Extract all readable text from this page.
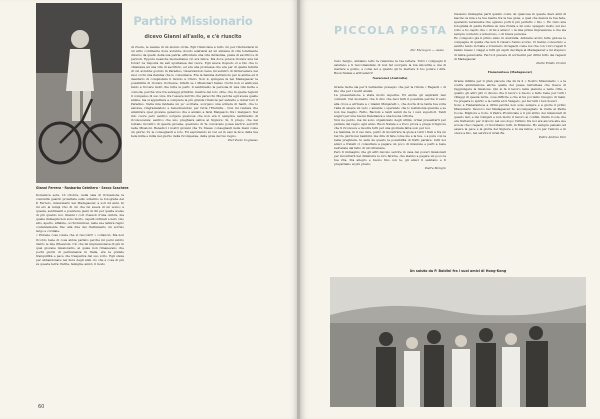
Gianni Ferrero - Rosbarbo Catellero - Secco Scachera
Partirò Missionario
dicevo Gianni all'asilo, e c'è riuscito
Domenica sera, 10 ottobre, nella sala di ricreazione la comunità guardò proiettate sullo schermo le fotografie del P. Ferrero, missionario nel Madagascar, a soli 24 anni. In mi ero ai tempi vivo di ciò che lui aveva di un uomo; a questa, sentimenti e posizione pieni di chi per quella scelse di più quanto noi. Gianni i cori d'assoli d'una ombra, ma quelle immagini non sono molto, capelli ordinati e neri, viso alto, aperto, affabile, occhi luminosi, nelle sue labbra regnò costantemente fino alla fine del trattamento un sorriso largo e cordiale.
« Ebbene cosa volete che vi racconti? » cominciò. Ma non ricordo bene di cosa abbia parlato perché mi persi subito dietro le mie riflessioni. Ciò che mi impressionava di più in quel giovane missionario, al quale non rimanevano che pochi giorni di permanenza in Italia, era la grande tranquillità e pace che traspariva dal suo volto. Egli stava per abbandonare nei fiore degli anni ciò che è cosa di più su questa terra: Patria, famiglia, amici, il modo
di vivere, le usanze di un mondo civile. Egli rinunciava a tutto ciò per rinchiudersi in un altro continente dove avrebbe dovuto adattarsi ad un sistema di vita totalmente diverso da quello della sua patria, affrontare una vita durissima, piena di sacrifici e di pericoli. Eppure neanche momentanei ciò era felice. Ma dove poteva trovare una tal forza? La risposta mi salì spontanea dal cuore. Egli aveva risposto sì a Dio che lo chiamava ad una vita di sacrificio, ed era una promessa che era per di quella felicità di cui avrebbe goduto in Paradiso. Osservandolo bene mi sembrò di intravvedere nei suoi occhi una fiamma che lo consumava. Era la fiamma dell'amore per le anime ed il desiderio di conquistare il mondo a Cristo. Non lo spingeva là nel Madagascar la possibilità di trovare ricchezze. Infatti se i Missionari hanno ricchi non si addiceva tanto a trovare molti che tutte le parti. Il sentimento la persona di una vita facile e comoda, perché vive tra selvaggi primitivi, mentre del loro oltre, che in quelle regioni il compenso di suo vive, fra l'essere nutrito che parecchi. Ma perché egli aveva quelle anime, ma si appiattava a compiere la più grande rinuncia per salvarle e donar loro il Paradiso. Nella mia fantasia un po' eccitata, scorgevo una schiera di Santi, che lo salvava, ringraziandolo e benedicendolo per tutta l'Eternità... Non mi restava che ammirare quel giovane generoso che è andato a farsi Malgascio tra i malgasci. Nel mio cuore però sentivo sorgere qualcosa che non era il semplice sentimento di riconoscenza: sentivo che uno preghiera saliva al Signore: Sì, ti prego, che nel lontano incontro di questa giovane, qualcuno di Te conoscano possa anch'io servirTi nelle Missioni. Benedici i nostri giovani che Tu Stesso consegnasti nelle mani come un giorno Tu le consegnasti a loro. Ed esplodendo su Lui ed in essi la luce della tua fede mille e mille nel giorno della ricompensa, della gioia del tuo regno.
Pier Paolo Cognasso
60
PICCOLA POSTA
Per Meregen — Assia

Caro Sergio, abbiamo letto la relazione la tua lettera. Tutti i compagni ti salutano e ti raccomandano di non far scorgere la tua sincerità e, ma di mettere a gobbo, e come noi e quanto gli tu mettere il tuo potere i dirà. Buon Natale e arrivederci!

Nazarenel (Australia)

Grazie molte sia per il bellissimo presepio che per la rivista « Ragazzi » di Dio che per i nostri alunni.
La presentazione è stata molto superba. Ed anche gli aspiranti ben contenti. Nel momento che ti dico che devi farti il possibile perché ti vedo alla croce e arrivare a « Gianni Mulgarelli », che dovrà di te tanta tua volta l'alta di essere un vero « amante » sperando che lo testimonia qualche e se non me meglio. Fatto, Bacioni e tanti saluti da te i suoi superiori. Tanti auguri per una buona fratellanza e una buona vittoria.
Non ne perdo, ma mi sono organizzato degli ultimi, ormai presentarti per parlare del regno ogni anno. Buon Natale e e Poco prova e prega il Signore che ti riconosce e mostra tutti per una giornata fatta solo per noi.
La mamma, in il suo fare, parrò di incontrare la gioia a tutti i frati a tra un bel tre giorni nei bambini, ma dire di fare come me e la tua, o a pure con la bella preghiera, tu sarà da questo la possibilità di tratti parlare: tutti noi amici e fratelli ci consultare a pagare un poco di missione e parti a bene nell'ansia dal fatto di un'oltremare.
Però ti immagino che gli altri devono servire in casa dei poveri missionari per incontrarli nel diminuire le loro fatiche, che stanno a pagare un poco la tua vita. Sta allegro e buono fino con te, gli amici ti salutano e ti prepariamo al più presto.

Padre Mongra

Nessuno immagina parti quanto coste un qualcosa in queste dieci anni di fascino la mia e la tua mente tra la tua gioia, e quel che manca la tua fede, sperando veramente che ognuno porti il più perfetto « Dio ». Ho visto una fotografia di padre Pertina su una rivista e mi sono spiegato molto sul suo volto e ho capito che « di lui è amico! » la mia prima impressione è che sia sempre contento e scherzoso, o di brava persona.
Ho composto già il primo anno in Australia. Abbiamo avuto tutte gioiose le compagne di quella che non ti vissero l'anno scorso. Ci hanno conosciuto e sentito tanto in Italia e il numero di ragazzi come noi che con i loro regali ti hanno messo i viaggi a tutti gli ospiti del Papà al Madagascar e mi stupisco di tanta generosità. Fai tu il piacere di scrivermi per dirmi tutto dei ragazzi di Madagascar.

Padre Emilio Cronin

Fianarantsoa (Madagascar)

Grazie infinite per il gran piacere che mi fa il « Nostro Missionario » e la vostra ammirazione anche quelle del paese nell'attesa che riesca di raggiungere la missione. Qui si fa il lavoro nelle pianure e nelle città, e quanto gli altri giri ci dicono che il lavoro è buono e fatto bene per tutti i villaggi di questa terra, cosa difficile e che si ha poi tanto bisogno di mani. Tu prepara lo spirito e la carità ed il Vangelo, poi fai tutti i tuoi doveri.
Sono a Fianarantsoa a dirmi perché non sono sempre e a gioire il primo Missionario Vescovo nel Madagascar ho accompagnato la visita al Padre Coote, Migliore e Cote, li Padre Provinciale è il più attivo dei missionari di questo lato e dei Caligari e non molto il lavoro ai confini, Padre Coote che era trattenuto per il lavoro nel suo dopo l'ultimo tra noi era ancora alle sue scuole che i ragazzi, ci ricordiamo tutti, in Missione. Ho sempre pensato ad essere la pace e la gloria del Signore e tu sia felice; e tu per l'amore e in onore a Dio, nel servire il Gran Re.

Padre Andrea Tam

Un saluto da P. Baldini fra i suoi amici di Hong-Kong
